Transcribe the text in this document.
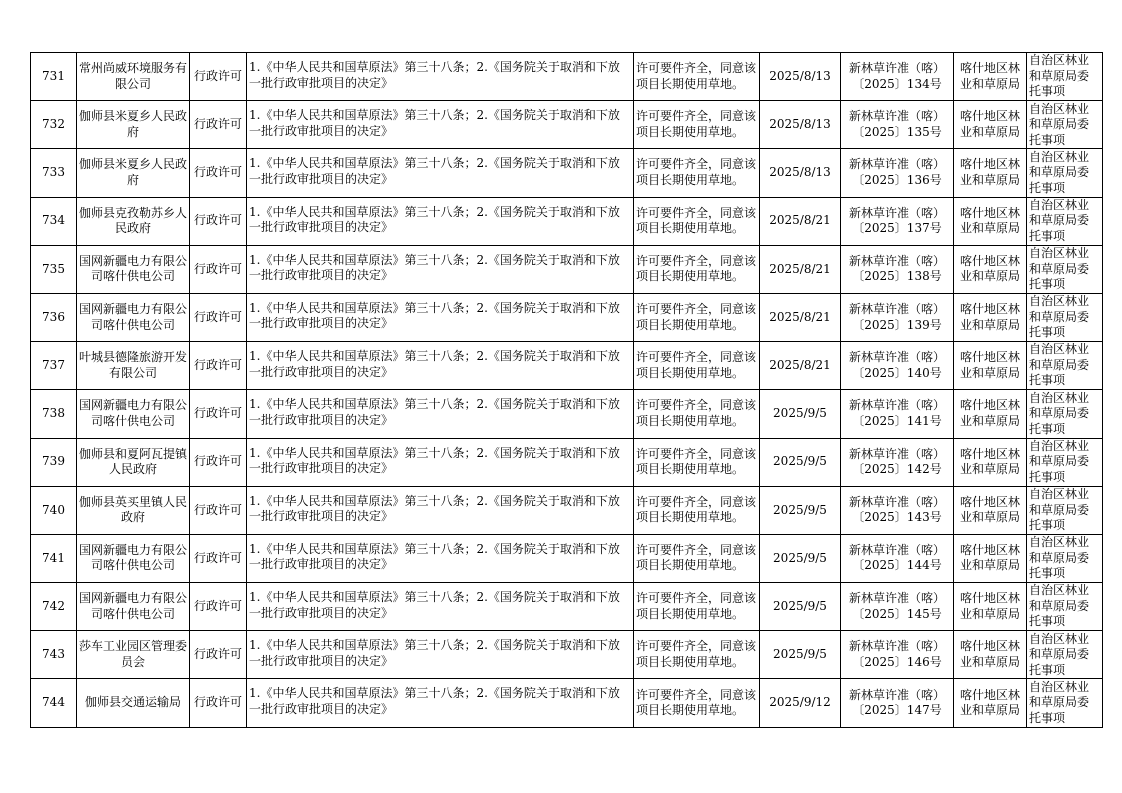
731	常州尚威环境服务有限公司	行政许可	1.《中华人民共和国草原法》第三十八条；2.《国务院关于取消和下放一批行政审批项目的决定》	许可要件齐全，同意该项目长期使用草地。	2025/8/13	新林草许准（喀）〔2025〕134号	喀什地区林业和草原局	自治区林业和草原局委托事项

732	伽师县米夏乡人民政府	行政许可	1.《中华人民共和国草原法》第三十八条；2.《国务院关于取消和下放一批行政审批项目的决定》	许可要件齐全，同意该项目长期使用草地。	2025/8/13	新林草许准（喀）〔2025〕135号	喀什地区林业和草原局	自治区林业和草原局委托事项

733	伽师县米夏乡人民政府	行政许可	1.《中华人民共和国草原法》第三十八条；2.《国务院关于取消和下放一批行政审批项目的决定》	许可要件齐全，同意该项目长期使用草地。	2025/8/13	新林草许准（喀）〔2025〕136号	喀什地区林业和草原局	自治区林业和草原局委托事项

734	伽师县克孜勒苏乡人民政府	行政许可	1.《中华人民共和国草原法》第三十八条；2.《国务院关于取消和下放一批行政审批项目的决定》	许可要件齐全，同意该项目长期使用草地。	2025/8/21	新林草许准（喀）〔2025〕137号	喀什地区林业和草原局	自治区林业和草原局委托事项

735	国网新疆电力有限公司喀什供电公司	行政许可	1.《中华人民共和国草原法》第三十八条；2.《国务院关于取消和下放一批行政审批项目的决定》	许可要件齐全，同意该项目长期使用草地。	2025/8/21	新林草许准（喀）〔2025〕138号	喀什地区林业和草原局	自治区林业和草原局委托事项

736	国网新疆电力有限公司喀什供电公司	行政许可	1.《中华人民共和国草原法》第三十八条；2.《国务院关于取消和下放一批行政审批项目的决定》	许可要件齐全，同意该项目长期使用草地。	2025/8/21	新林草许准（喀）〔2025〕139号	喀什地区林业和草原局	自治区林业和草原局委托事项

737	叶城县德隆旅游开发有限公司	行政许可	1.《中华人民共和国草原法》第三十八条；2.《国务院关于取消和下放一批行政审批项目的决定》	许可要件齐全，同意该项目长期使用草地。	2025/8/21	新林草许准（喀）〔2025〕140号	喀什地区林业和草原局	自治区林业和草原局委托事项

738	国网新疆电力有限公司喀什供电公司	行政许可	1.《中华人民共和国草原法》第三十八条；2.《国务院关于取消和下放一批行政审批项目的决定》	许可要件齐全，同意该项目长期使用草地。	2025/9/5	新林草许准（喀）〔2025〕141号	喀什地区林业和草原局	自治区林业和草原局委托事项

739	伽师县和夏阿瓦提镇人民政府	行政许可	1.《中华人民共和国草原法》第三十八条；2.《国务院关于取消和下放一批行政审批项目的决定》	许可要件齐全，同意该项目长期使用草地。	2025/9/5	新林草许准（喀）〔2025〕142号	喀什地区林业和草原局	自治区林业和草原局委托事项

740	伽师县英买里镇人民政府	行政许可	1.《中华人民共和国草原法》第三十八条；2.《国务院关于取消和下放一批行政审批项目的决定》	许可要件齐全，同意该项目长期使用草地。	2025/9/5	新林草许准（喀）〔2025〕143号	喀什地区林业和草原局	自治区林业和草原局委托事项

741	国网新疆电力有限公司喀什供电公司	行政许可	1.《中华人民共和国草原法》第三十八条；2.《国务院关于取消和下放一批行政审批项目的决定》	许可要件齐全，同意该项目长期使用草地。	2025/9/5	新林草许准（喀）〔2025〕144号	喀什地区林业和草原局	自治区林业和草原局委托事项

742	国网新疆电力有限公司喀什供电公司	行政许可	1.《中华人民共和国草原法》第三十八条；2.《国务院关于取消和下放一批行政审批项目的决定》	许可要件齐全，同意该项目长期使用草地。	2025/9/5	新林草许准（喀）〔2025〕145号	喀什地区林业和草原局	自治区林业和草原局委托事项

743	莎车工业园区管理委员会	行政许可	1.《中华人民共和国草原法》第三十八条；2.《国务院关于取消和下放一批行政审批项目的决定》	许可要件齐全，同意该项目长期使用草地。	2025/9/5	新林草许准（喀）〔2025〕146号	喀什地区林业和草原局	自治区林业和草原局委托事项

744	伽师县交通运输局	行政许可	1.《中华人民共和国草原法》第三十八条；2.《国务院关于取消和下放一批行政审批项目的决定》	许可要件齐全，同意该项目长期使用草地。	2025/9/12	新林草许准（喀）〔2025〕147号	喀什地区林业和草原局	自治区林业和草原局委托事项
